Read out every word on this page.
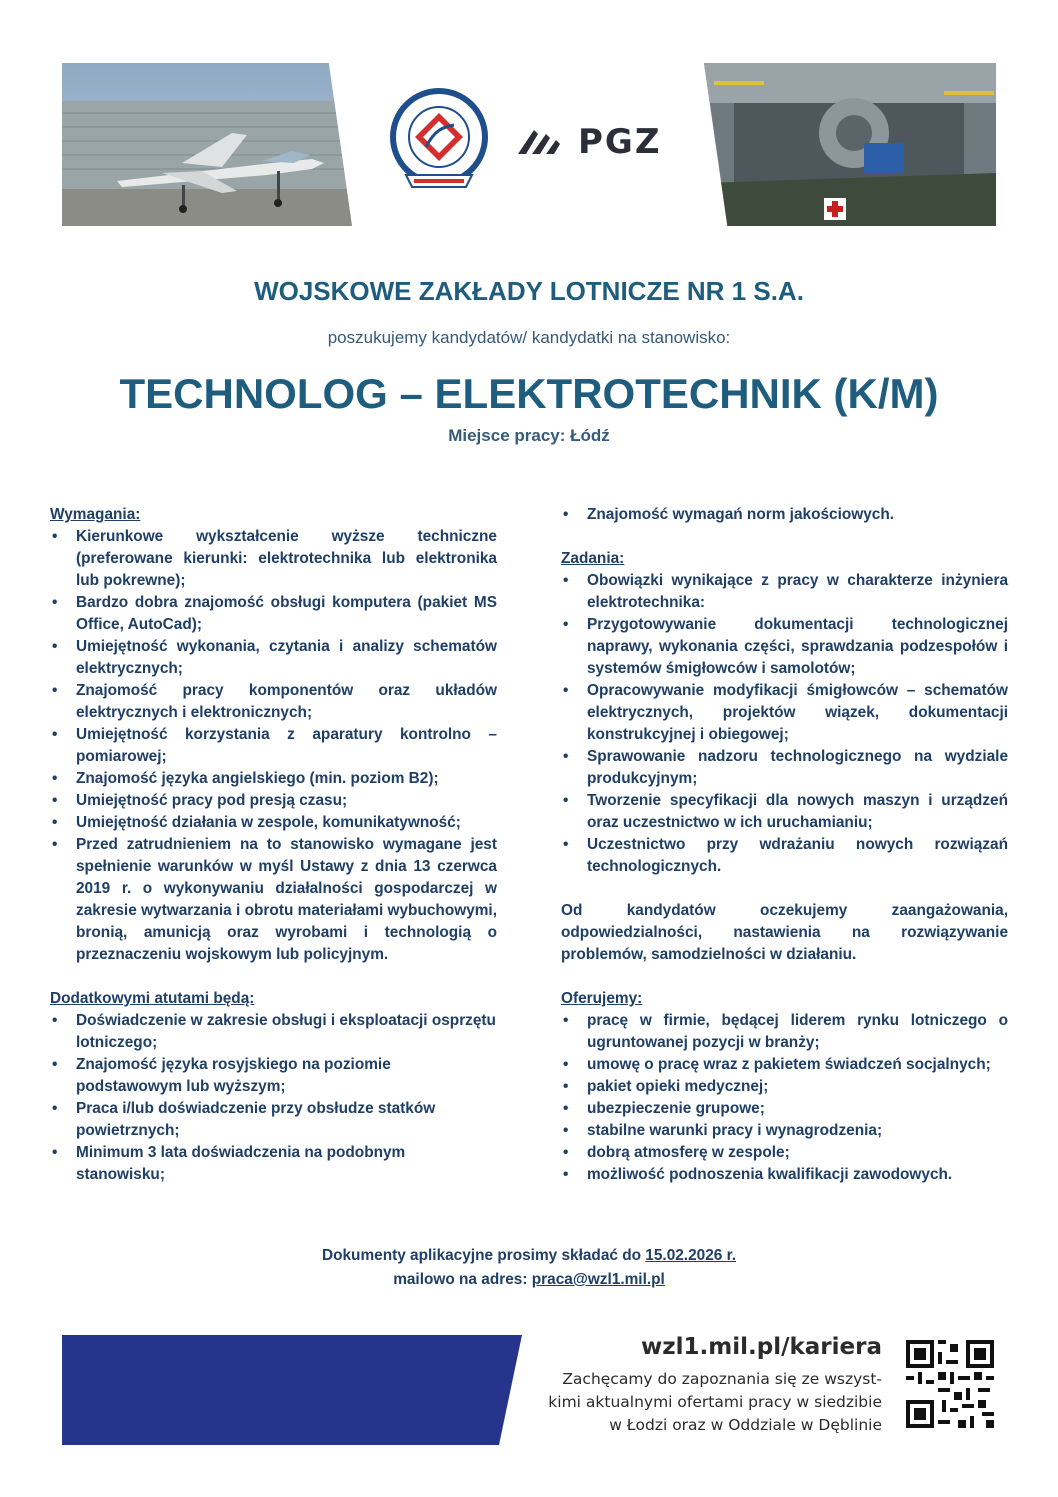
PGZ
WOJSKOWE ZAKŁADY LOTNICZE NR 1 S.A.
poszukujemy kandydatów/ kandydatki na stanowisko:
TECHNOLOG – ELEKTROTECHNIK (K/M)
Miejsce pracy: Łódź
Wymagania:
• Kierunkowe wykształcenie wyższe techniczne (preferowane kierunki: elektrotechnika lub elektronika lub pokrewne);
• Bardzo dobra znajomość obsługi komputera (pakiet MS Office, AutoCad);
• Umiejętność wykonania, czytania i analizy schematów elektrycznych;
• Znajomość pracy komponentów oraz układów elektrycznych i elektronicznych;
• Umiejętność korzystania z aparatury kontrolno – pomiarowej;
• Znajomość języka angielskiego (min. poziom B2);
• Umiejętność pracy pod presją czasu;
• Umiejętność działania w zespole, komunikatywność;
• Przed zatrudnieniem na to stanowisko wymagane jest spełnienie warunków w myśl Ustawy z dnia 13 czerwca 2019 r. o wykonywaniu działalności gospodarczej w zakresie wytwarzania i obrotu materiałami wybuchowymi, bronią, amunicją oraz wyrobami i technologią o przeznaczeniu wojskowym lub policyjnym.
Dodatkowymi atutami będą:
• Doświadczenie w zakresie obsługi i eksploatacji osprzętu lotniczego;
• Znajomość języka rosyjskiego na poziomie podstawowym lub wyższym;
• Praca i/lub doświadczenie przy obsłudze statków powietrznych;
• Minimum 3 lata doświadczenia na podobnym stanowisku;
• Znajomość wymagań norm jakościowych.
Zadania:
• Obowiązki wynikające z pracy w charakterze inżyniera elektrotechnika:
• Przygotowywanie dokumentacji technologicznej naprawy, wykonania części, sprawdzania podzespołów i systemów śmigłowców i samolotów;
• Opracowywanie modyfikacji śmigłowców – schematów elektrycznych, projektów wiązek, dokumentacji konstrukcyjnej i obiegowej;
• Sprawowanie nadzoru technologicznego na wydziale produkcyjnym;
• Tworzenie specyfikacji dla nowych maszyn i urządzeń oraz uczestnictwo w ich uruchamianiu;
• Uczestnictwo przy wdrażaniu nowych rozwiązań technologicznych.
Od kandydatów oczekujemy zaangażowania, odpowiedzialności, nastawienia na rozwiązywanie problemów, samodzielności w działaniu.
Oferujemy:
• pracę w firmie, będącej liderem rynku lotniczego o ugruntowanej pozycji w branży;
• umowę o pracę wraz z pakietem świadczeń socjalnych;
• pakiet opieki medycznej;
• ubezpieczenie grupowe;
• stabilne warunki pracy i wynagrodzenia;
• dobrą atmosferę w zespole;
• możliwość podnoszenia kwalifikacji zawodowych.
Dokumenty aplikacyjne prosimy składać do 15.02.2026 r.
mailowo na adres: praca@wzl1.mil.pl
wzl1.mil.pl/kariera
Zachęcamy do zapoznania się ze wszyst-
kimi aktualnymi ofertami pracy w siedzibie
w Łodzi oraz w Oddziale w Dęblinie
